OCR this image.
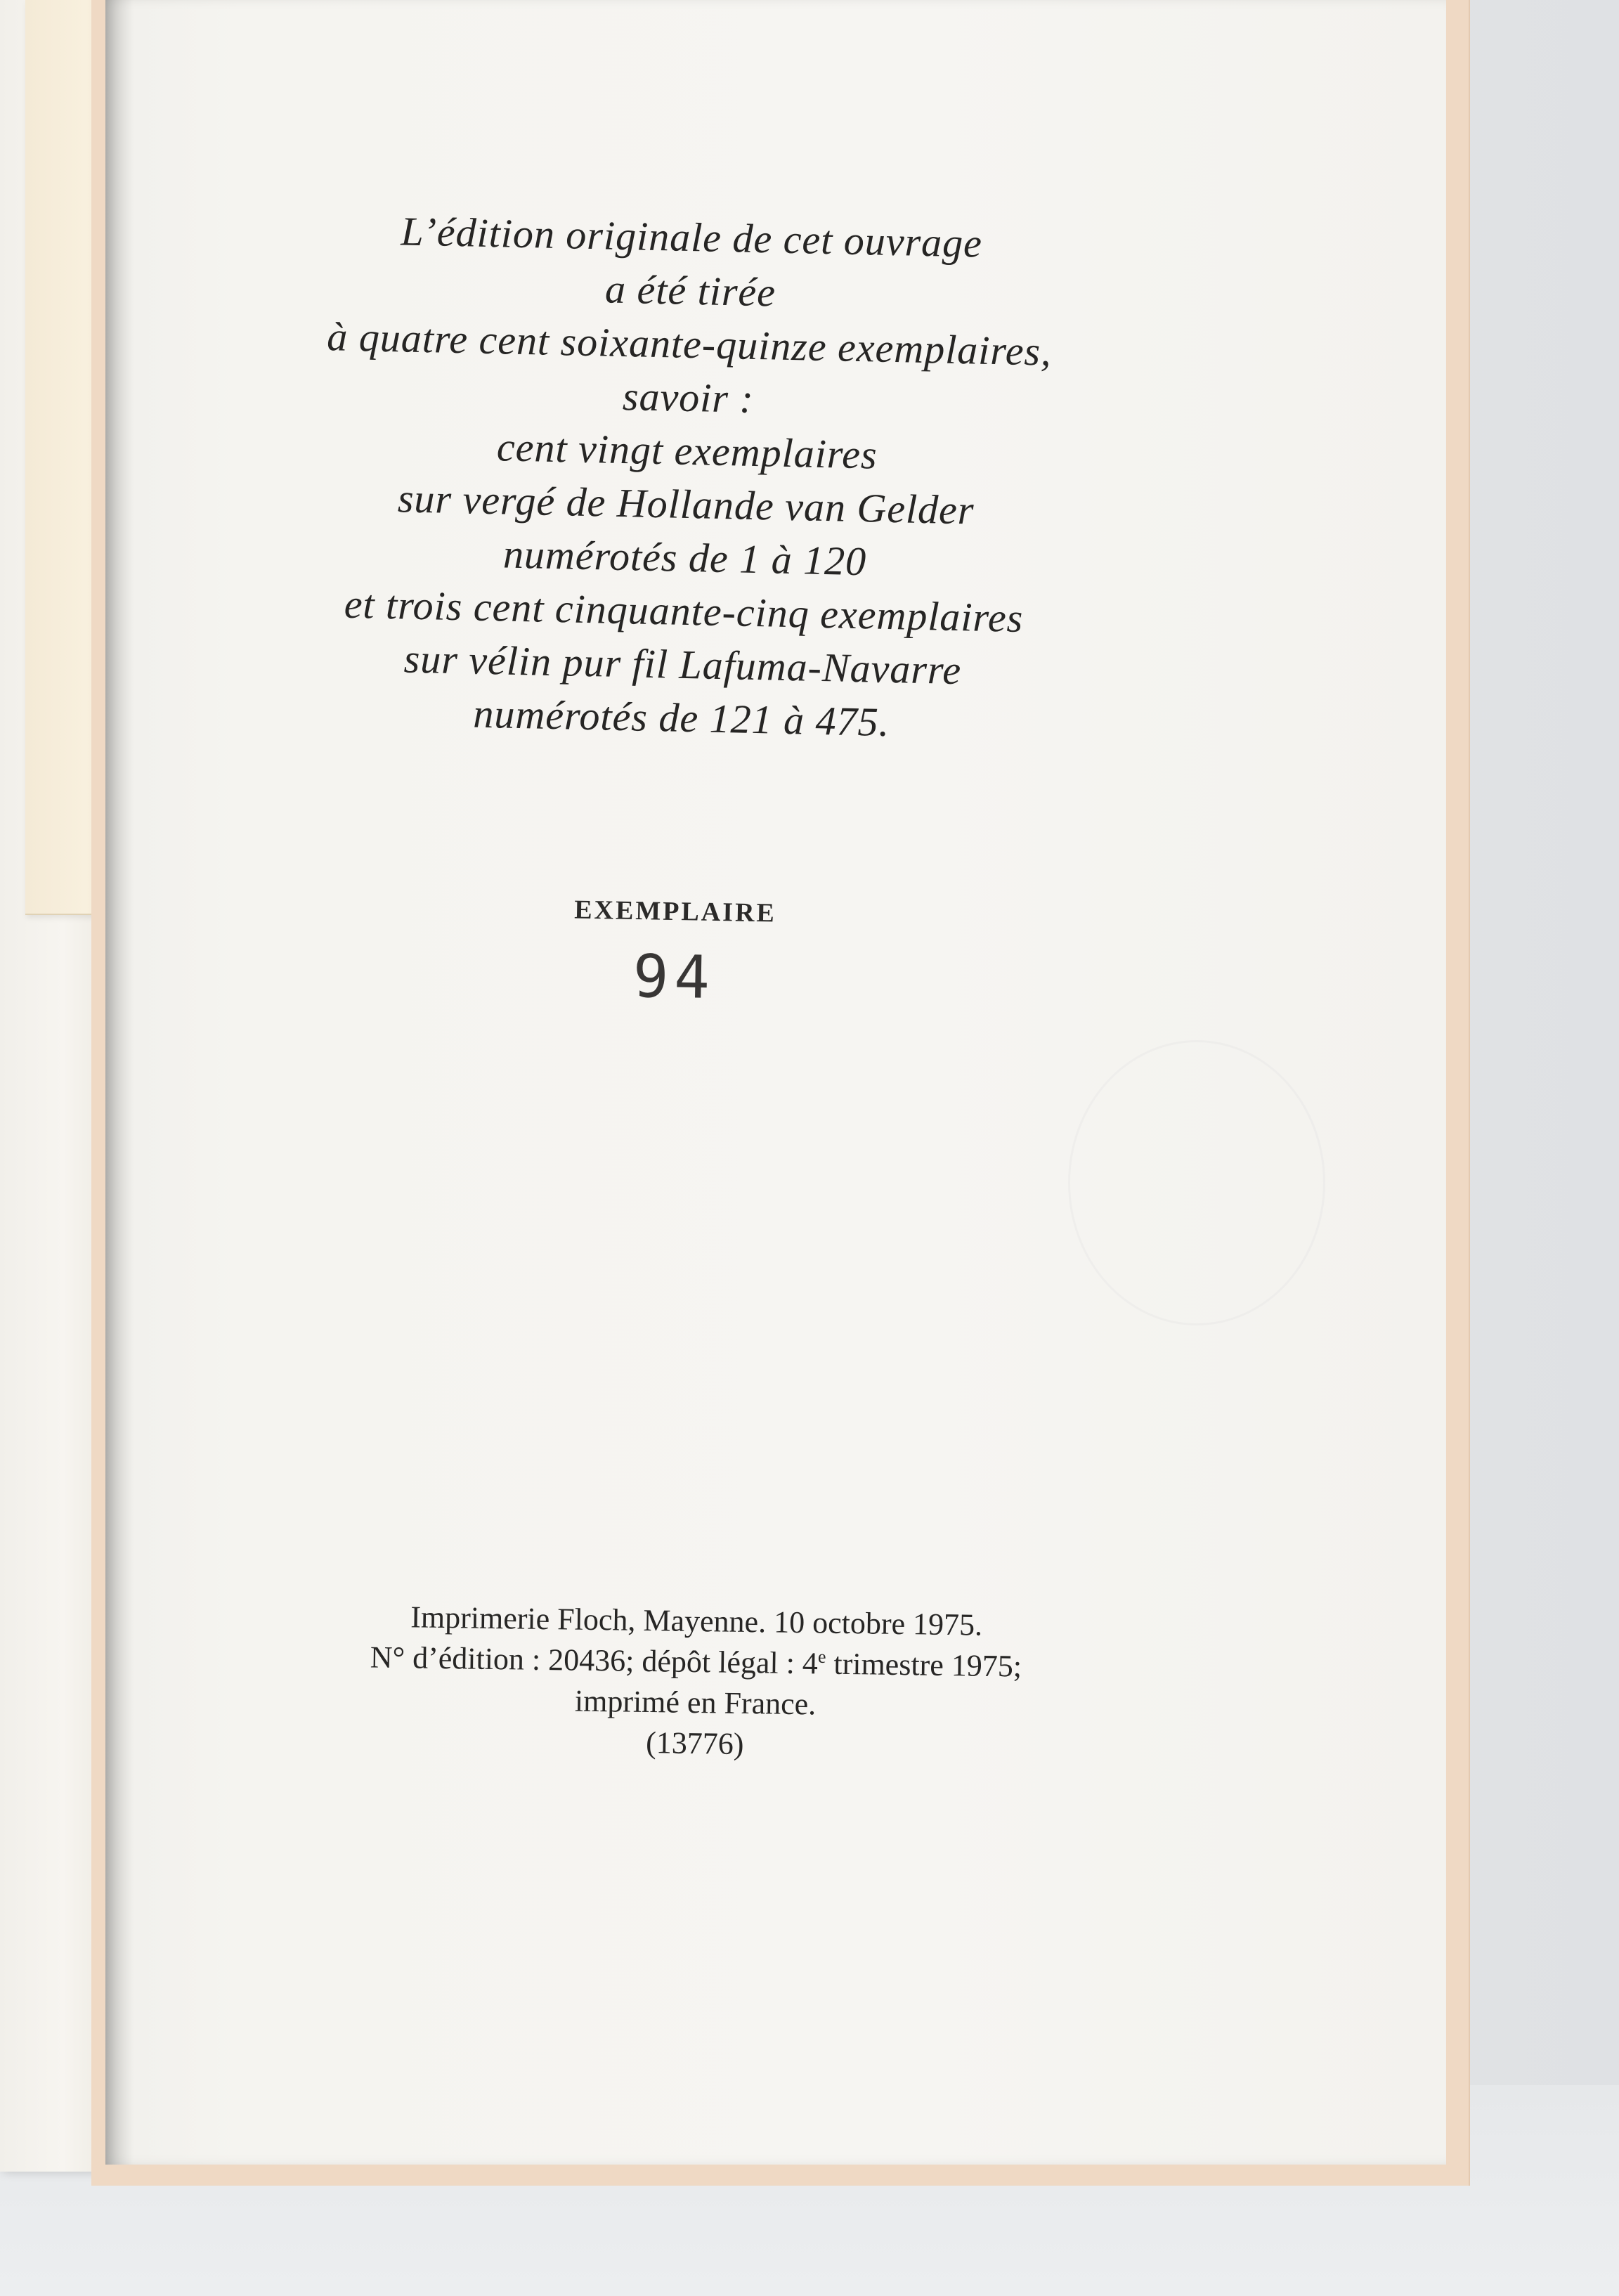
L’édition originale de cet ouvrage
a été tirée
à quatre cent soixante-quinze exemplaires,
savoir :
cent vingt exemplaires
sur vergé de Hollande van Gelder
numérotés de 1 à 120
et trois cent cinquante-cinq exemplaires
sur vélin pur fil Lafuma-Navarre
numérotés de 121 à 475.
EXEMPLAIRE
94
Imprimerie Floch, Mayenne. 10 octobre 1975.
N° d’édition : 20436; dépôt légal : 4e trimestre 1975;
imprimé en France.
(13776)
